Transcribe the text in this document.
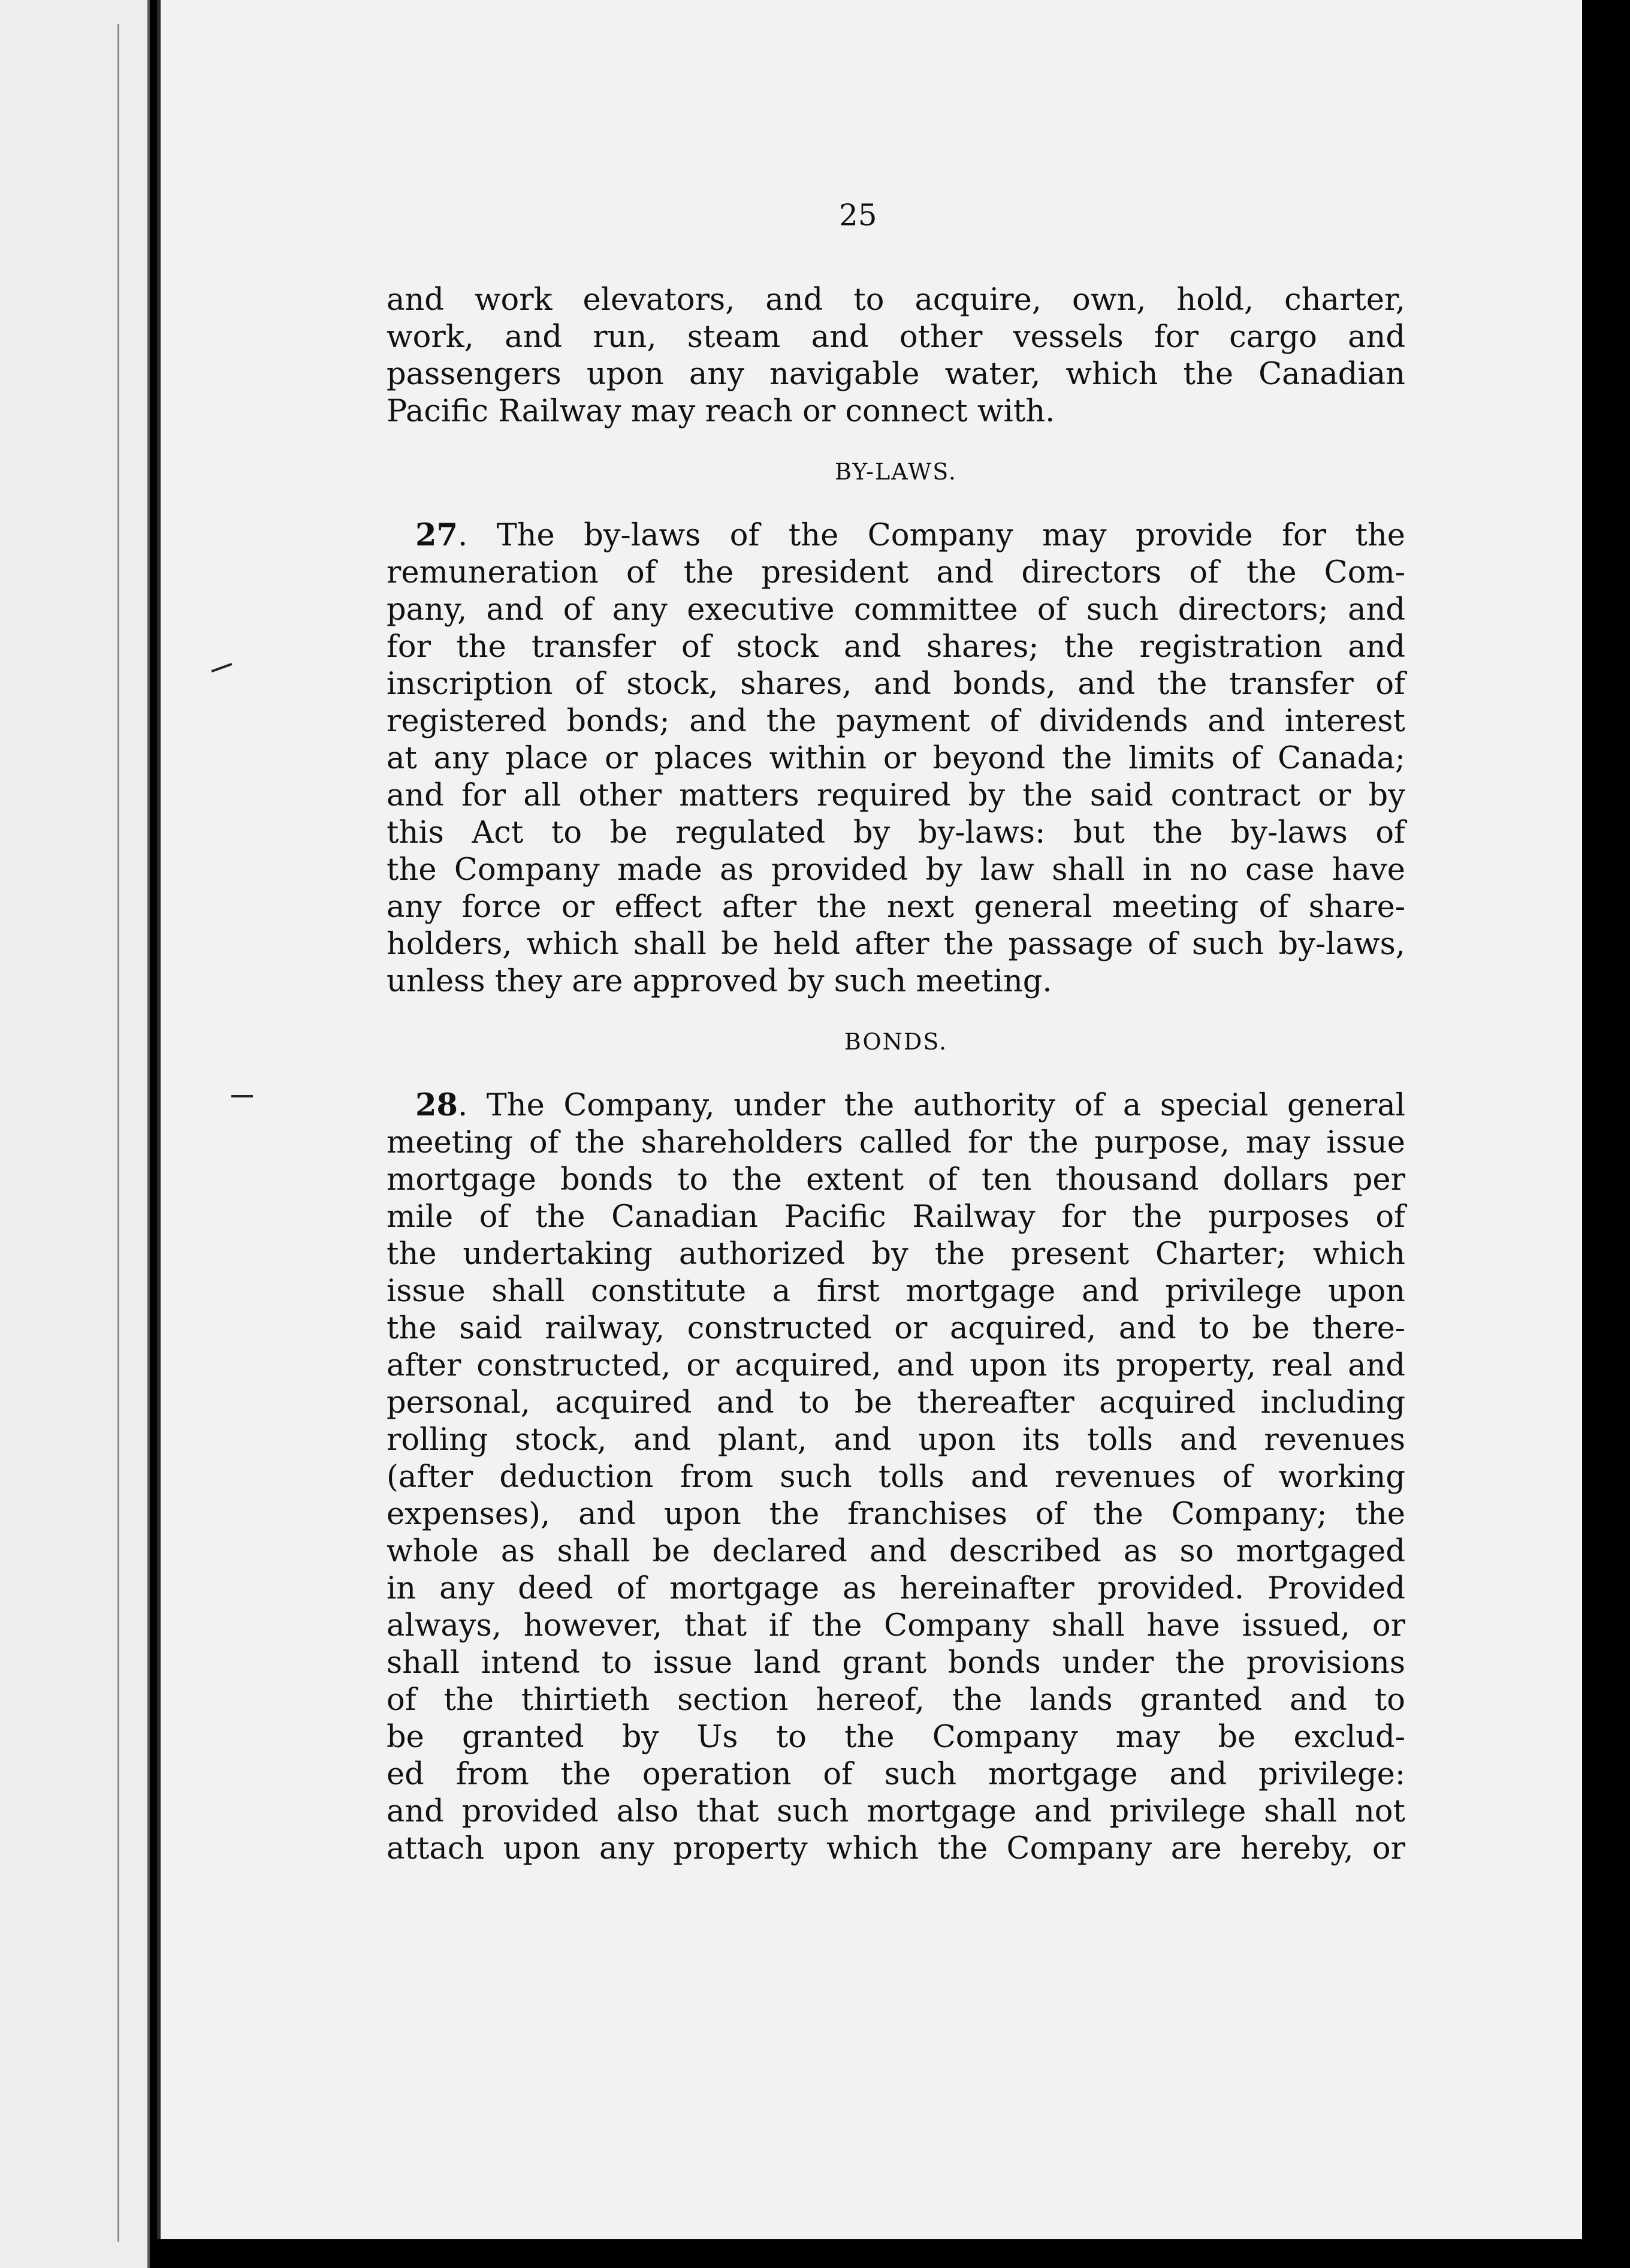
25
and work elevators, and to acquire, own, hold, charter,
work, and run, steam and other vessels for cargo and
passengers upon any navigable water, which the Canadian
Pacific Railway may reach or connect with.
BY-LAWS.
27. The by-laws of the Company may provide for the
remuneration of the president and directors of the Com-
pany, and of any executive committee of such directors; and
for the transfer of stock and shares; the registration and
inscription of stock, shares, and bonds, and the transfer of
registered bonds; and the payment of dividends and interest
at any place or places within or beyond the limits of Canada;
and for all other matters required by the said contract or by
this Act to be regulated by by-laws: but the by-laws of
the Company made as provided by law shall in no case have
any force or effect after the next general meeting of share-
holders, which shall be held after the passage of such by-laws,
unless they are approved by such meeting.
BONDS.
28. The Company, under the authority of a special general
meeting of the shareholders called for the purpose, may issue
mortgage bonds to the extent of ten thousand dollars per
mile of the Canadian Pacific Railway for the purposes of
the undertaking authorized by the present Charter; which
issue shall constitute a first mortgage and privilege upon
the said railway, constructed or acquired, and to be there-
after constructed, or acquired, and upon its property, real and
personal, acquired and to be thereafter acquired including
rolling stock, and plant, and upon its tolls and revenues
(after deduction from such tolls and revenues of working
expenses), and upon the franchises of the Company; the
whole as shall be declared and described as so mortgaged
in any deed of mortgage as hereinafter provided. Provided
always, however, that if the Company shall have issued, or
shall intend to issue land grant bonds under the provisions
of the thirtieth section hereof, the lands granted and to
be granted by Us to the Company may be exclud-
ed from the operation of such mortgage and privilege:
and provided also that such mortgage and privilege shall not
attach upon any property which the Company are hereby, or
